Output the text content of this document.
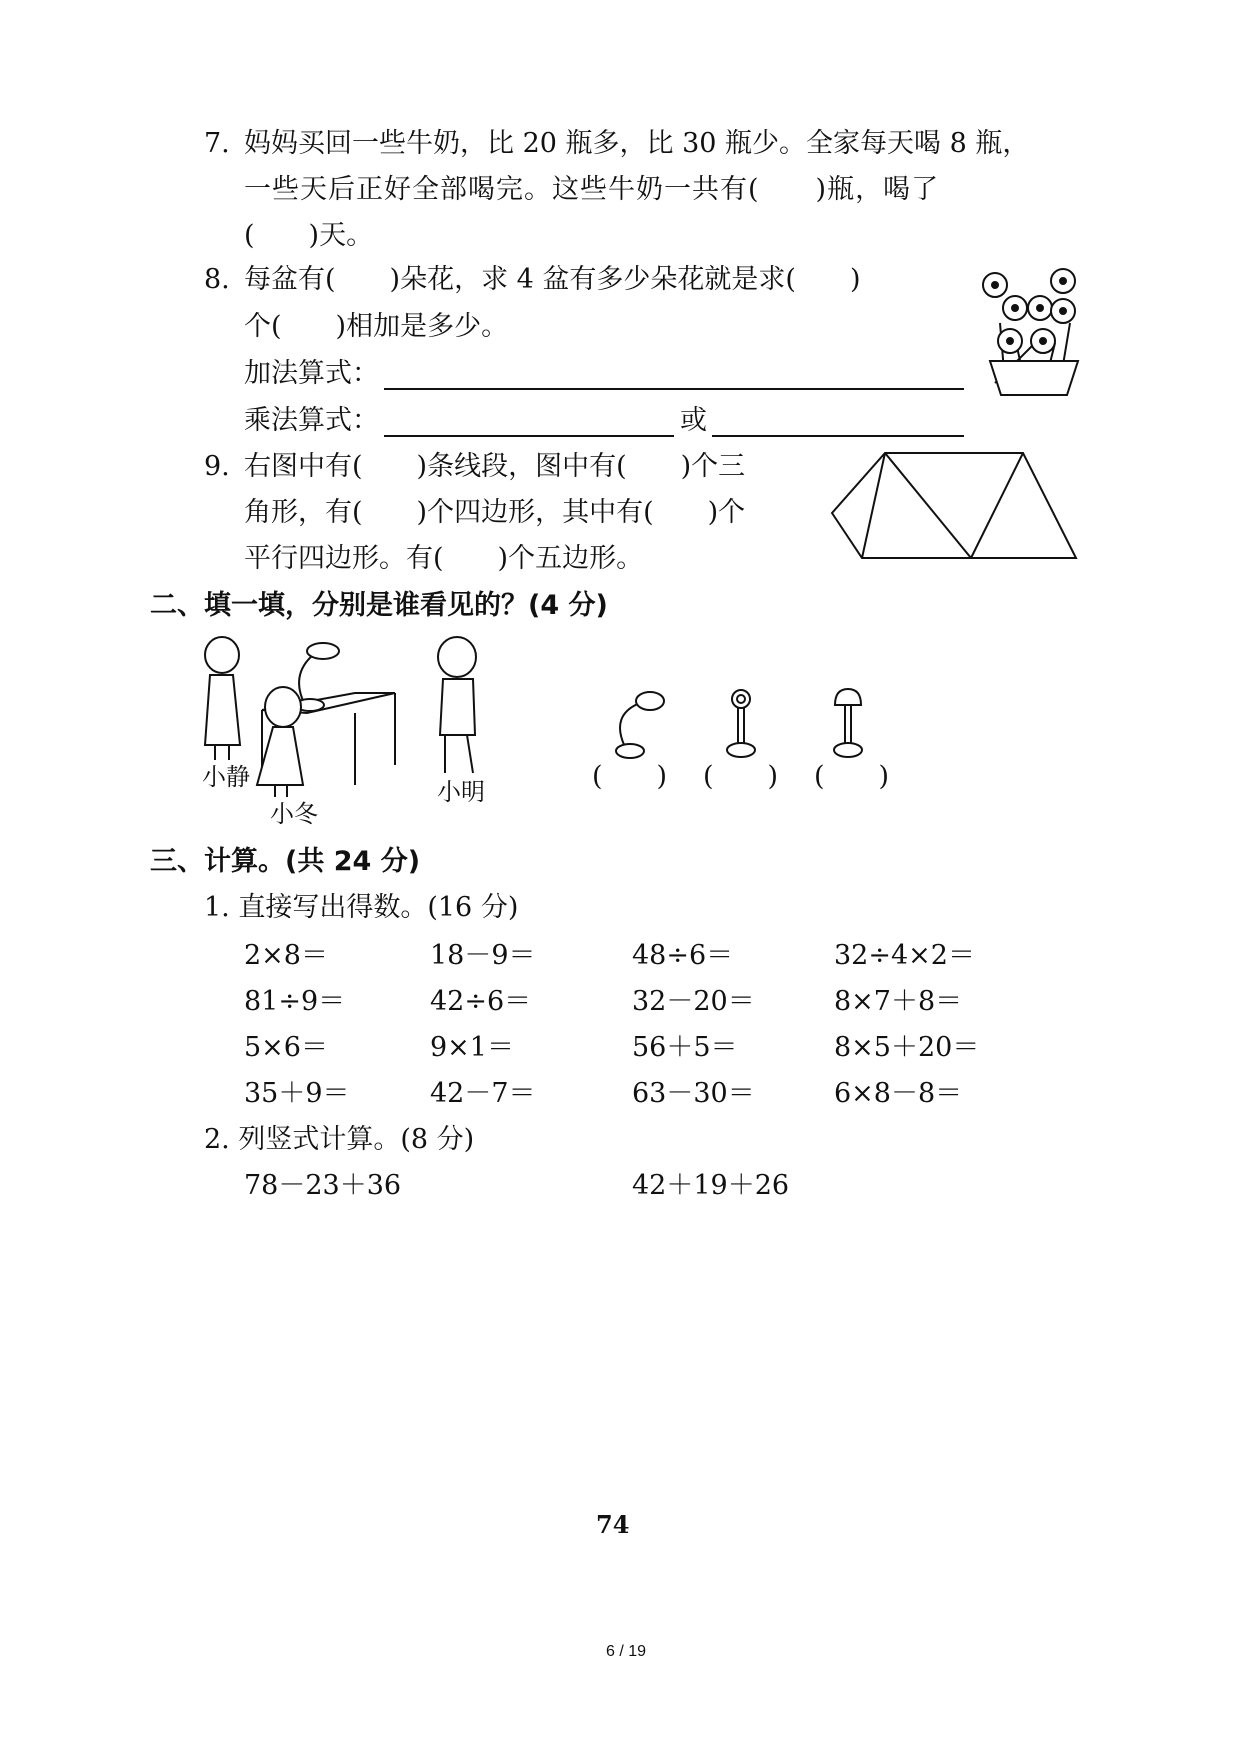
7. 妈妈买回一些牛奶，比 20 瓶多，比 30 瓶少。全家每天喝 8 瓶，
一些天后正好全部喝完。这些牛奶一共有(　　)瓶，喝了
(　　)天。
8. 每盆有(　　)朵花，求 4 盆有多少朵花就是求(　　)
个(　　)相加是多少。
加法算式：
乘法算式：	或
9. 右图中有(　　)条线段，图中有(　　)个三
角形，有(　　)个四边形，其中有(　　)个
平行四边形。有(　　)个五边形。
二、填一填，分别是谁看见的？(4 分)
小静
小冬
小明	(　　) (　　) (　　)
三、计算。(共 24 分)
1. 直接写出得数。(16 分)
2×8＝	18－9＝	48÷6＝	32÷4×2＝
81÷9＝	42÷6＝	32－20＝	8×7＋8＝
5×6＝	9×1＝	56＋5＝	8×5＋20＝
35＋9＝	42－7＝	63－30＝	6×8－8＝
2. 列竖式计算。(8 分)
78－23＋36	42＋19＋26
74
6 / 19
